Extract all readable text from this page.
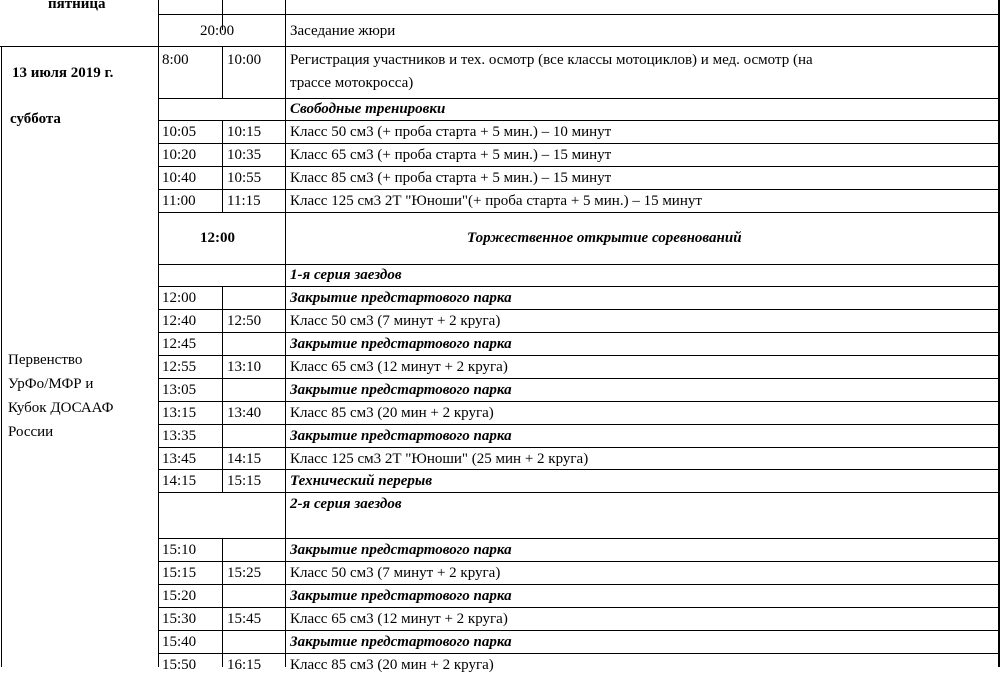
пятница
13 июля 2019 г.
суббота
Первенство
УрФо/МФР и
Кубок ДОСААФ
России
20:00	Заседание жюри
8:00	10:00 Регистрация участников и тех. осмотр (все классы мотоциклов) и мед. осмотр (на
трассе мотокросса)
Свободные тренировки
10:05 10:15 Класс 50 см3 (+ проба старта + 5 мин.) – 10 минут
10:20 10:35 Класс 65 см3 (+ проба старта + 5 мин.) – 15 минут
10:40 10:55 Класс 85 см3 (+ проба старта + 5 мин.) – 15 минут
11:00 11:15 Класс 125 см3 2Т "Юноши"(+ проба старта + 5 мин.) – 15 минут
12:00	Торжественное открытие соревнований
1-я серия заездов
12:00	Закрытие предстартового парка
12:40 12:50 Класс 50 см3 (7 минут + 2 круга)
12:45	Закрытие предстартового парка
12:55 13:10 Класс 65 см3 (12 минут + 2 круга)
13:05	Закрытие предстартового парка
13:15 13:40 Класс 85 см3 (20 мин + 2 круга)
13:35	Закрытие предстартового парка
13:45 14:15 Класс 125 см3 2Т "Юноши" (25 мин + 2 круга)
14:15 15:15 Технический перерыв
2-я серия заездов
15:10	Закрытие предстартового парка
15:15 15:25 Класс 50 см3 (7 минут + 2 круга)
15:20	Закрытие предстартового парка
15:30 15:45 Класс 65 см3 (12 минут + 2 круга)
15:40	Закрытие предстартового парка
15:50 16:15 Класс 85 см3 (20 мин + 2 круга)
